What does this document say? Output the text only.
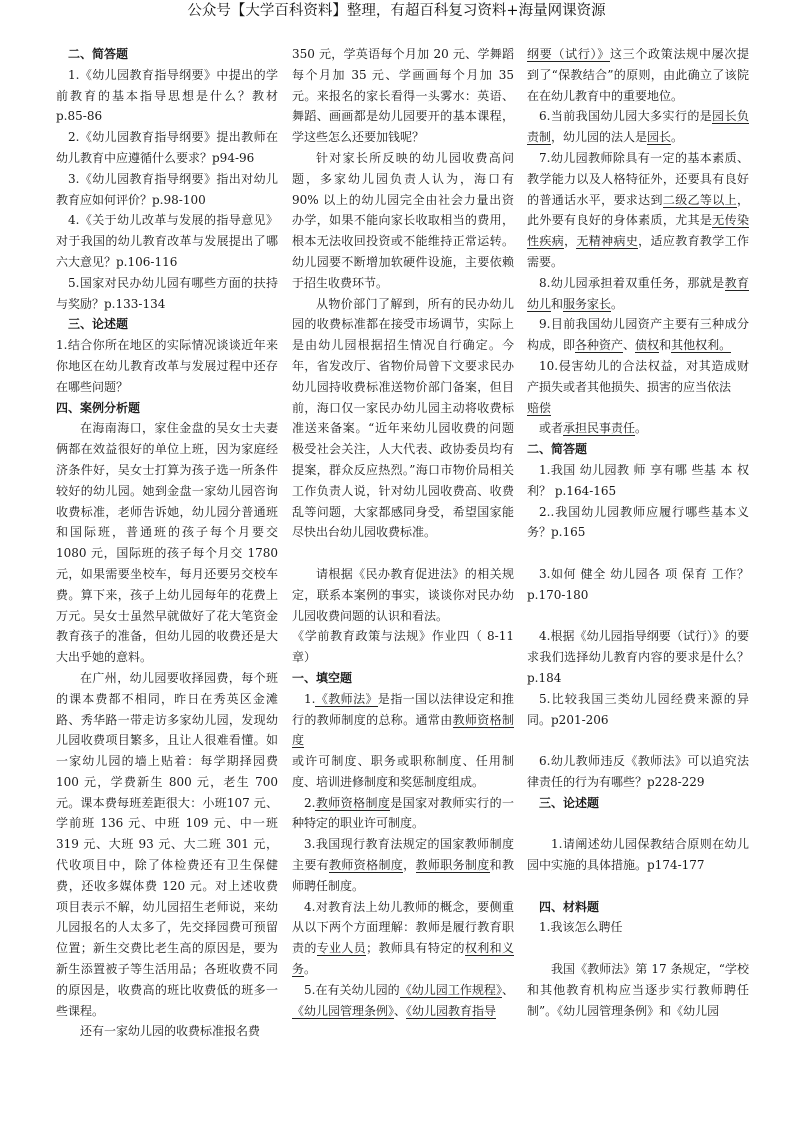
公众号【大学百科资料】整理，有超百科复习资料+海量网课资源

二、简答题

1.《幼儿园教育指导纲要》中提出的学前教育的基本指导思想是什么？教材 p.85-86

2.《幼儿园教育指导纲要》提出教师在幼儿教育中应遵循什么要求？p94-96

3.《幼儿园教育指导纲要》指出对幼儿教育应如何评价？p.98-100

4.《关于幼儿改革与发展的指导意见》对于我国的幼儿教育改革与发展提出了哪六大意见？p.106-116

5.国家对民办幼儿园有哪些方面的扶持与奖励？p.133-134

三、论述题

1.结合你所在地区的实际情况谈谈近年来你地区在幼儿教育改革与发展过程中还存在哪些问题？

四、案例分析题

在海南海口，家住金盘的吴女士夫妻俩都在效益很好的单位上班，因为家庭经济条件好，吴女士打算为孩子选一所条件较好的幼儿园。她到金盘一家幼儿园咨询收费标准，老师告诉她，幼儿园分普通班和国际班，普通班的孩子每个月要交 1080 元，国际班的孩子每个月交 1780 元，如果需要坐校车，每月还要另交校车费。算下来，孩子上幼儿园每年的花费上万元。吴女士虽然早就做好了花大笔资金教育孩子的准备，但幼儿园的收费还是大大出乎她的意料。

在广州，幼儿园要收择园费，每个班的课本费都不相同，昨日在秀英区金滩路、秀华路一带走访多家幼儿园，发现幼儿园收费项目繁多，且让人很难看懂。如一家幼儿园的墙上贴着：每学期择园费 100 元，学费新生 800 元，老生 700 元。课本费每班差距很大：小班107 元、学前班 136 元、中班 109 元、中一班 319 元、大班 93 元、大二班 301 元，代收项目中，除了体检费还有卫生保健费，还收多媒体费 120 元。对上述收费项目表示不解，幼儿园招生老师说，来幼儿园报名的人太多了，先交择园费可预留位置；新生交费比老生高的原因是，要为新生添置被子等生活用品；各班收费不同的原因是，收费高的班比收费低的班多一些课程。

还有一家幼儿园的收费标准报名费

350 元，学英语每个月加 20 元、学舞蹈每个月加 35 元、学画画每个月加 35 元。来报名的家长看得一头雾水：英语、舞蹈、画画都是幼儿园要开的基本课程，学这些怎么还要加钱呢？

针对家长所反映的幼儿园收费高问题，多家幼儿园负责人认为，海口有 90% 以上的幼儿园完全由社会力量出资办学，如果不能向家长收取相当的费用，根本无法收回投资或不能维持正常运转。幼儿园要不断增加软硬件设施，主要依赖于招生收费环节。

从物价部门了解到，所有的民办幼儿园的收费标准都在接受市场调节，实际上是由幼儿园根据招生情况自行确定。今年，省发改厅、省物价局曾下文要求民办幼儿园持收费标准送物价部门备案，但目前，海口仅一家民办幼儿园主动将收费标准送来备案。“近年来幼儿园收费的问题极受社会关注，人大代表、政协委员均有提案，群众反应热烈。”海口市物价局相关工作负责人说，针对幼儿园收费高、收费乱等问题，大家都感同身受，希望国家能尽快出台幼儿园收费标准。

请根据《民办教育促进法》的相关规定，联系本案例的事实，谈谈你对民办幼儿园收费问题的认识和看法。

《学前教育政策与法规》作业四（ 8-11 章）

一、填空题

1.《教师法》是指一国以法律设定和推行的教师制度的总称。通常由教师资格制度
或许可制度、职务或职称制度、任用制度、培训进修制度和奖惩制度组成。

2.教师资格制度是国家对教师实行的一种特定的职业许可制度。

3.我国现行教育法规定的国家教师制度主要有教师资格制度，教师职务制度和教师聘任制度。

4.对教育法上幼儿教师的概念，要侧重从以下两个方面理解：教师是履行教育职责的专业人员；教师具有特定的权利和义务。

5.在有关幼儿园的《幼儿园工作规程》、《幼儿园管理条例》、《幼儿园教育指导

纲要（试行）》这三个政策法规中屡次提到了“保教结合”的原则，由此确立了该院在在幼儿教育中的重要地位。

6.当前我国幼儿园大多实行的是园长负责制，幼儿园的法人是园长。

7.幼儿园教师除具有一定的基本素质、教学能力以及人格特征外，还要具有良好的普通话水平，要求达到二级乙等以上，此外要有良好的身体素质，尤其是无传染性疾病，无精神病史，适应教育教学工作需要。

8.幼儿园承担着双重任务，那就是教育幼儿和服务家长。

9.目前我国幼儿园资产主要有三种成分构成，即各种资产、债权和其他权利。

10.侵害幼儿的合法权益，对其造成财产损失或者其他损失、损害的应当依法
赔偿

或者承担民事责任。

二、简答题

1.我国 幼儿园教 师 享有哪 些基 本 权利？ p.164-165

2..我国幼儿园教师应履行哪些基本义务？p.165

3.如何 健全 幼儿园各 项 保育 工作？ p.170-180

4.根据《幼儿园指导纲要（试行）》的要求我们选择幼儿教育内容的要求是什么？p.184

5.比较我国三类幼儿园经费来源的异同。p201-206

6.幼儿教师违反《教师法》可以追究法律责任的行为有哪些？p228-229

三、论述题

1.请阐述幼儿园保教结合原则在幼儿园中实施的具体措施。p174-177

四、材料题

1.我该怎么聘任

我国《教师法》第 17 条规定，“学校和其他教育机构应当逐步实行教师聘任制”。《幼儿园管理条例》和《幼儿园
